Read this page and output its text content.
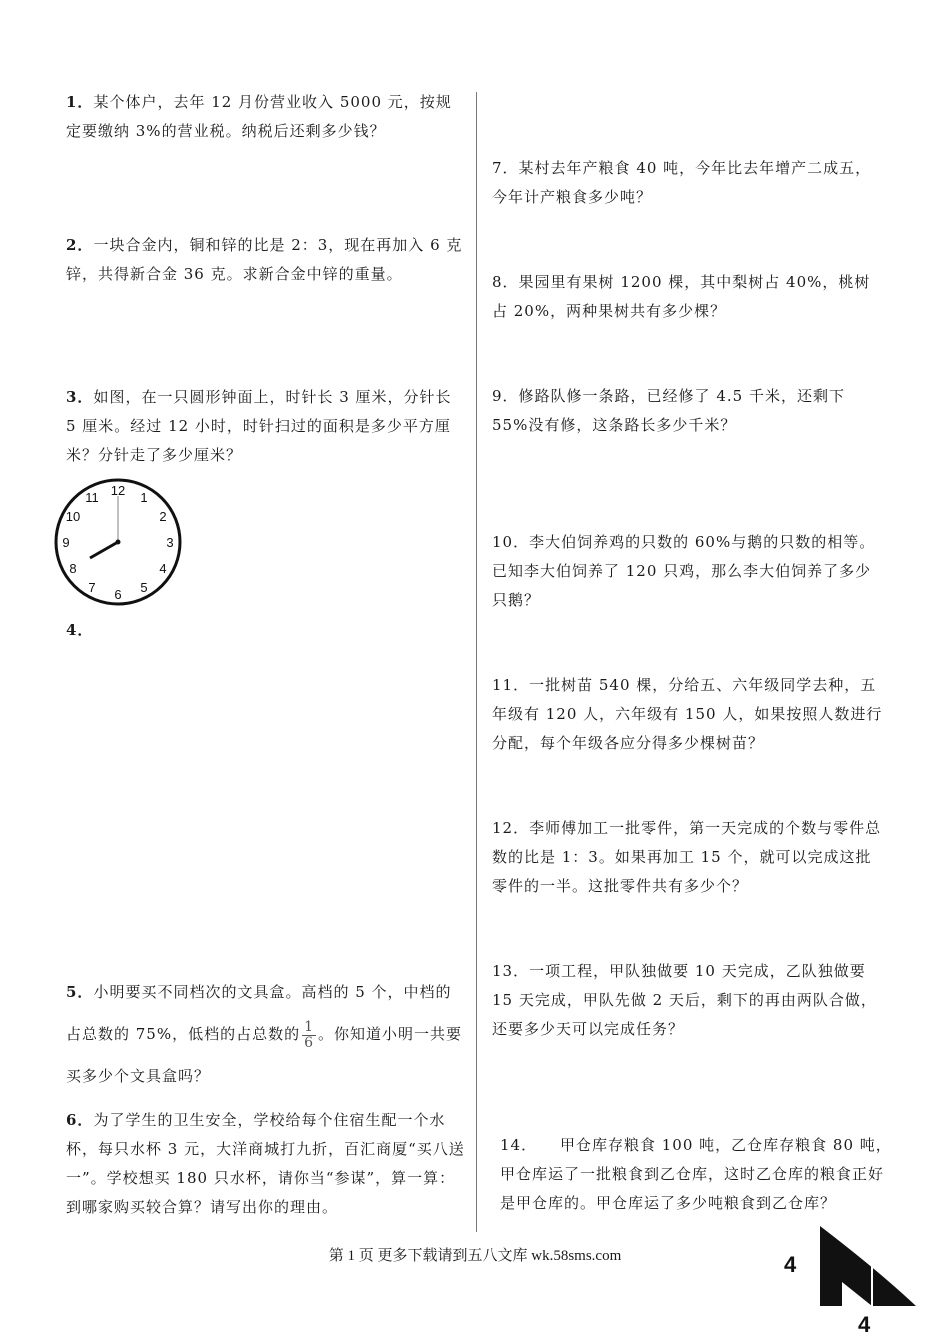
1．某个体户，去年 12 月份营业收入 5000 元，按规定要缴纳 3%的营业税。纳税后还剩多少钱？

2．一块合金内，铜和锌的比是 2：3，现在再加入 6 克锌，共得新合金 36 克。求新合金中锌的重量。

3．如图，在一只圆形钟面上，时针长 3 厘米，分针长 5 厘米。经过 12 小时，时针扫过的面积是多少平方厘米？分针走了多少厘米？

12 1
2
3
4
5
6
7
8
9
10
11

4．

5．小明要买不同档次的文具盒。高档的 5 个，中档的占总数的 75%，低档的占总数的 $\frac{1}{6}$ 。你知道小明一共要买多少个文具盒吗？

6．为了学生的卫生安全，学校给每个住宿生配一个水杯，每只水杯 3 元，大洋商城打九折，百汇商厦“买八送一”。学校想买 180 只水杯，请你当“参谋”，算一算：到哪家购买较合算？请写出你的理由。

7．某村去年产粮食 40 吨，今年比去年增产二成五，今年计产粮食多少吨？

8．果园里有果树 1200 棵，其中梨树占 40%，桃树占 20%，两种果树共有多少棵？

9．修路队修一条路，已经修了 4.5 千米，还剩下 55%没有修，这条路长多少千米？

10．李大伯饲养鸡的只数的 60%与鹅的只数的相等。已知李大伯饲养了 120 只鸡，那么李大伯饲养了多少只鹅？

11．一批树苗 540 棵，分给五、六年级同学去种，五年级有 120 人，六年级有 150 人，如果按照人数进行分配，每个年级各应分得多少棵树苗？

12．李师傅加工一批零件，第一天完成的个数与零件总数的比是 1：3。如果再加工 15 个，就可以完成这批零件的一半。这批零件共有多少个？

13．一项工程，甲队独做要 10 天完成，乙队独做要 15 天完成，甲队先做 2 天后，剩下的再由两队合做，还要多少天可以完成任务？

14． 甲仓库存粮食 100 吨，乙仓库存粮食 80 吨，甲仓库运了一批粮食到乙仓库，这时乙仓库的粮食正好是甲仓库的。甲仓库运了多少吨粮食到乙仓库？

4
4
第 1 页 更多下载请到五八文库 wk.58sms.com
